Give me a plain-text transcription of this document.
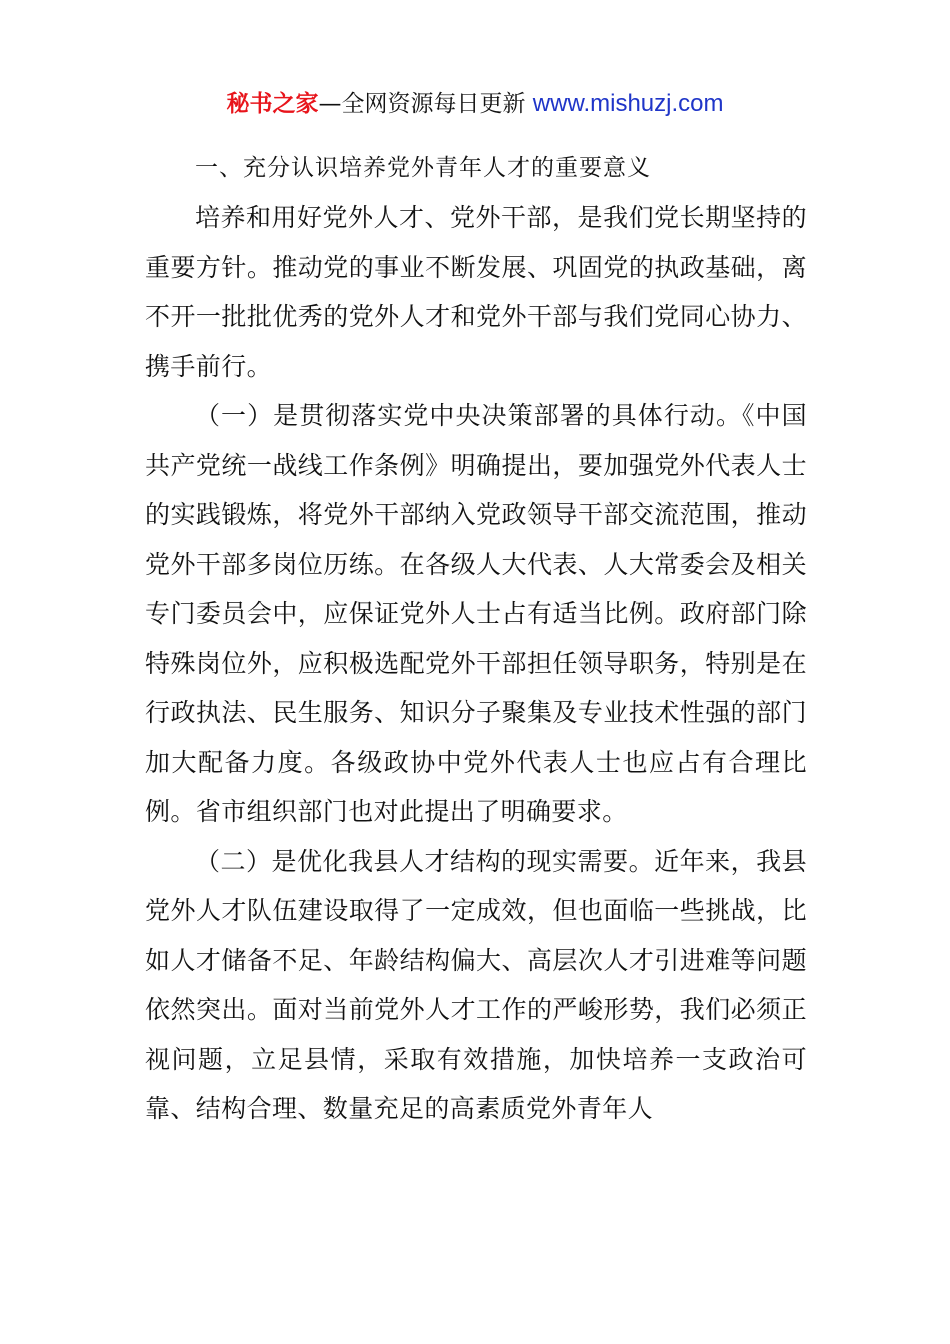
秘书之家—全网资源每日更新 www.mishuzj.com
一、充分认识培养党外青年人才的重要意义

培养和用好党外人才、党外干部，是我们党长期坚持的重要方针。推动党的事业不断发展、巩固党的执政基础，离不开一批批优秀的党外人才和党外干部与我们党同心协力、携手前行。

（一）是贯彻落实党中央决策部署的具体行动。《中国共产党统一战线工作条例》明确提出，要加强党外代表人士的实践锻炼，将党外干部纳入党政领导干部交流范围，推动党外干部多岗位历练。在各级人大代表、人大常委会及相关专门委员会中，应保证党外人士占有适当比例。政府部门除特殊岗位外，应积极选配党外干部担任领导职务，特别是在行政执法、民生服务、知识分子聚集及专业技术性强的部门加大配备力度。各级政协中党外代表人士也应占有合理比例。省市组织部门也对此提出了明确要求。

（二）是优化我县人才结构的现实需要。近年来，我县党外人才队伍建设取得了一定成效，但也面临一些挑战，比如人才储备不足、年龄结构偏大、高层次人才引进难等问题依然突出。面对当前党外人才工作的严峻形势，我们必须正视问题，立足县情，采取有效措施，加快培养一支政治可靠、结构合理、数量充足的高素质党外青年人
